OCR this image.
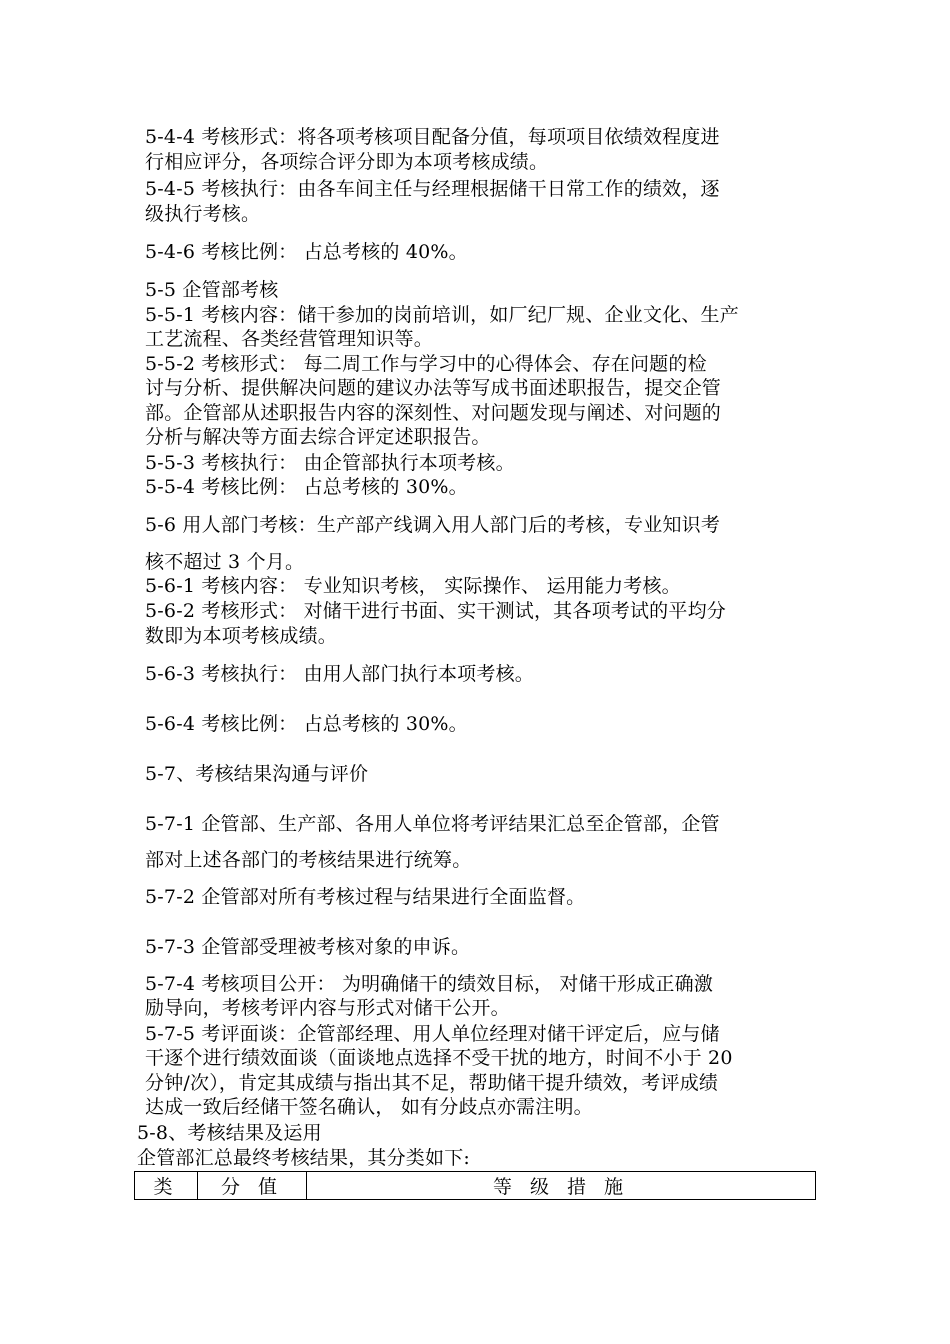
5-4-4 考核形式：将各项考核项目配备分值，每项项目依绩效程度进
行相应评分，各项综合评分即为本项考核成绩。
5-4-5 考核执行：由各车间主任与经理根据储干日常工作的绩效，逐
级执行考核。
5-4-6 考核比例： 占总考核的 40%。
5-5 企管部考核
5-5-1 考核内容：储干参加的岗前培训，如厂纪厂规、企业文化、生产
工艺流程、各类经营管理知识等。
5-5-2 考核形式： 每二周工作与学习中的心得体会、存在问题的检
讨与分析、提供解决问题的建议办法等写成书面述职报告，提交企管
部。企管部从述职报告内容的深刻性、对问题发现与阐述、对问题的
分析与解决等方面去综合评定述职报告。
5-5-3 考核执行： 由企管部执行本项考核。
5-5-4 考核比例： 占总考核的 30%。
5-6 用人部门考核：生产部产线调入用人部门后的考核，专业知识考
核不超过 3 个月。
5-6-1 考核内容： 专业知识考核， 实际操作、 运用能力考核。
5-6-2 考核形式： 对储干进行书面、实干测试，其各项考试的平均分
数即为本项考核成绩。
5-6-3 考核执行： 由用人部门执行本项考核。
5-6-4 考核比例： 占总考核的 30%。
5-7、考核结果沟通与评价
5-7-1 企管部、生产部、各用人单位将考评结果汇总至企管部，企管
部对上述各部门的考核结果进行统筹。
5-7-2 企管部对所有考核过程与结果进行全面监督。
5-7-3 企管部受理被考核对象的申诉。
5-7-4 考核项目公开： 为明确储干的绩效目标， 对储干形成正确激
励导向，考核考评内容与形式对储干公开。
5-7-5 考评面谈：企管部经理、用人单位经理对储干评定后，应与储
干逐个进行绩效面谈（面谈地点选择不受干扰的地方，时间不小于 20
分钟/次），肯定其成绩与指出其不足，帮助储干提升绩效，考评成绩
达成一致后经储干签名确认， 如有分歧点亦需注明。
5-8、考核结果及运用
企管部汇总最终考核结果，其分类如下:
类	分 值	等 级 措 施
